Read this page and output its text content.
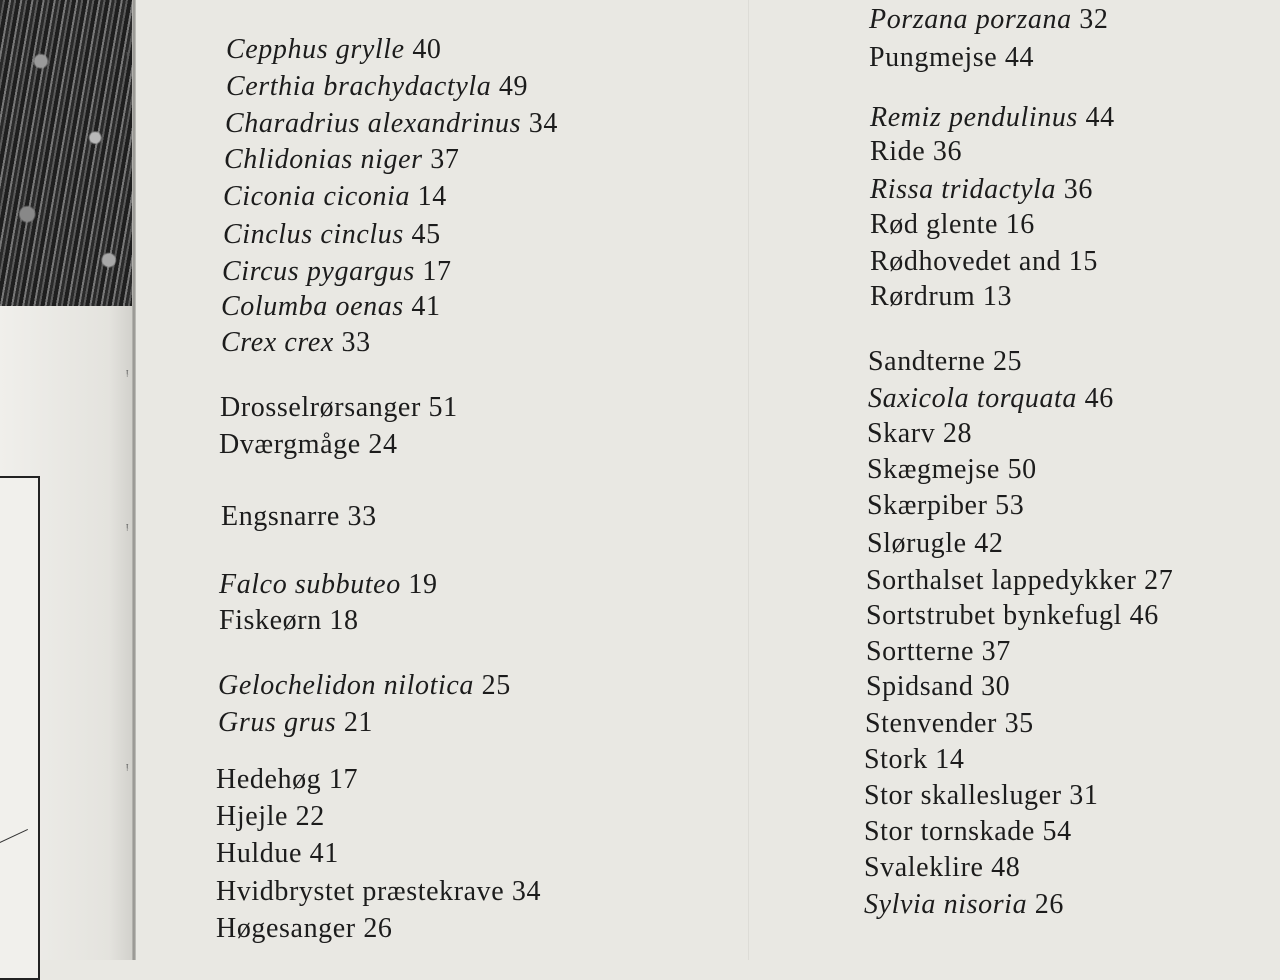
ᵎ
ᵎ
ᵎ
ᵎ
Cepphus grylle 40
Certhia brachydactyla 49
Charadrius alexandrinus 34
Chlidonias niger 37
Ciconia ciconia 14
Cinclus cinclus 45
Circus pygargus 17
Columba oenas 41
Crex crex 33
Drosselrørsanger 51
Dværgmåge 24
Engsnarre 33
Falco subbuteo 19
Fiskeørn 18
Gelochelidon nilotica 25
Grus grus 21
Hedehøg 17
Hjejle 22
Huldue 41
Hvidbrystet præstekrave 34
Høgesanger 26
Porzana porzana 32
Pungmejse 44
Remiz pendulinus 44
Ride 36
Rissa tridactyla 36
Rød glente 16
Rødhovedet and 15
Rørdrum 13
Sandterne 25
Saxicola torquata 46
Skarv 28
Skægmejse 50
Skærpiber 53
Slørugle 42
Sorthalset lappedykker 27
Sortstrubet bynkefugl 46
Sortterne 37
Spidsand 30
Stenvender 35
Stork 14
Stor skallesluger 31
Stor tornskade 54
Svaleklire 48
Sylvia nisoria 26
